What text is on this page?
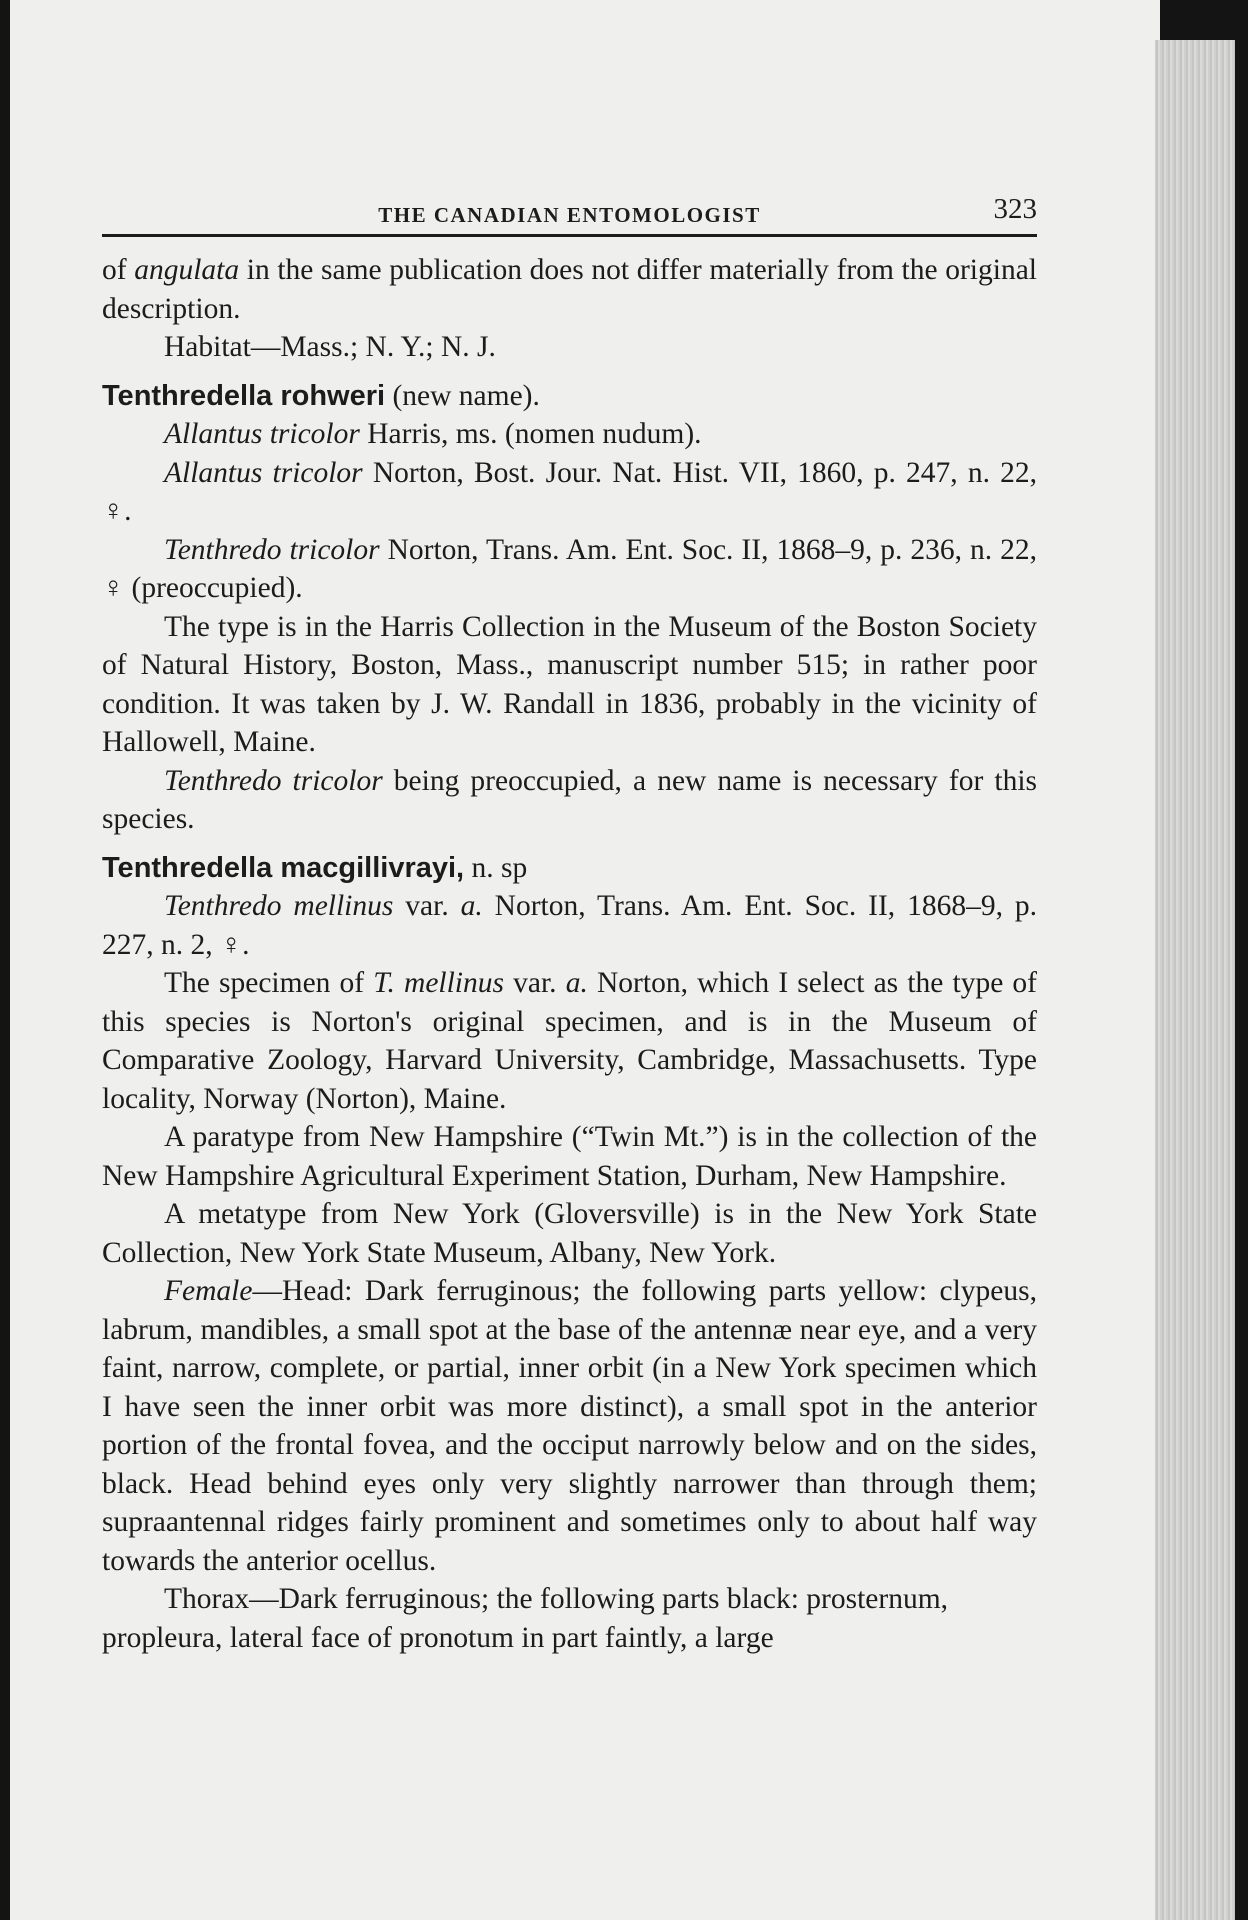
THE CANADIAN ENTOMOLOGIST	323

of angulata in the same publication does not differ materially from the original description.

Habitat—Mass.; N. Y.; N. J.

Tenthredella rohweri (new name).

Allantus tricolor Harris, ms. (nomen nudum).

Allantus tricolor Norton, Bost. Jour. Nat. Hist. VII, 1860, p. 247, n. 22, ♀.

Tenthredo tricolor Norton, Trans. Am. Ent. Soc. II, 1868–9, p. 236, n. 22, ♀ (preoccupied).

The type is in the Harris Collection in the Museum of the Boston Society of Natural History, Boston, Mass., manuscript number 515; in rather poor condition. It was taken by J. W. Randall in 1836, probably in the vicinity of Hallowell, Maine.

Tenthredo tricolor being preoccupied, a new name is necessary for this species.

Tenthredella macgillivrayi, n. sp

Tenthredo mellinus var. a. Norton, Trans. Am. Ent. Soc. II, 1868–9, p. 227, n. 2, ♀.

The specimen of T. mellinus var. a. Norton, which I select as the type of this species is Norton's original specimen, and is in the Museum of Comparative Zoology, Harvard University, Cambridge, Massachusetts. Type locality, Norway (Norton), Maine.

A paratype from New Hampshire (“Twin Mt.”) is in the collection of the New Hampshire Agricultural Experiment Station, Durham, New Hampshire.

A metatype from New York (Gloversville) is in the New York State Collection, New York State Museum, Albany, New York.

Female—Head: Dark ferruginous; the following parts yellow: clypeus, labrum, mandibles, a small spot at the base of the antennæ near eye, and a very faint, narrow, complete, or partial, inner orbit (in a New York specimen which I have seen the inner orbit was more distinct), a small spot in the anterior portion of the frontal fovea, and the occiput narrowly below and on the sides, black. Head behind eyes only very slightly narrower than through them; supraantennal ridges fairly prominent and sometimes only to about half way towards the anterior ocellus.

Thorax—Dark ferruginous; the following parts black: prosternum, propleura, lateral face of pronotum in part faintly, a large
